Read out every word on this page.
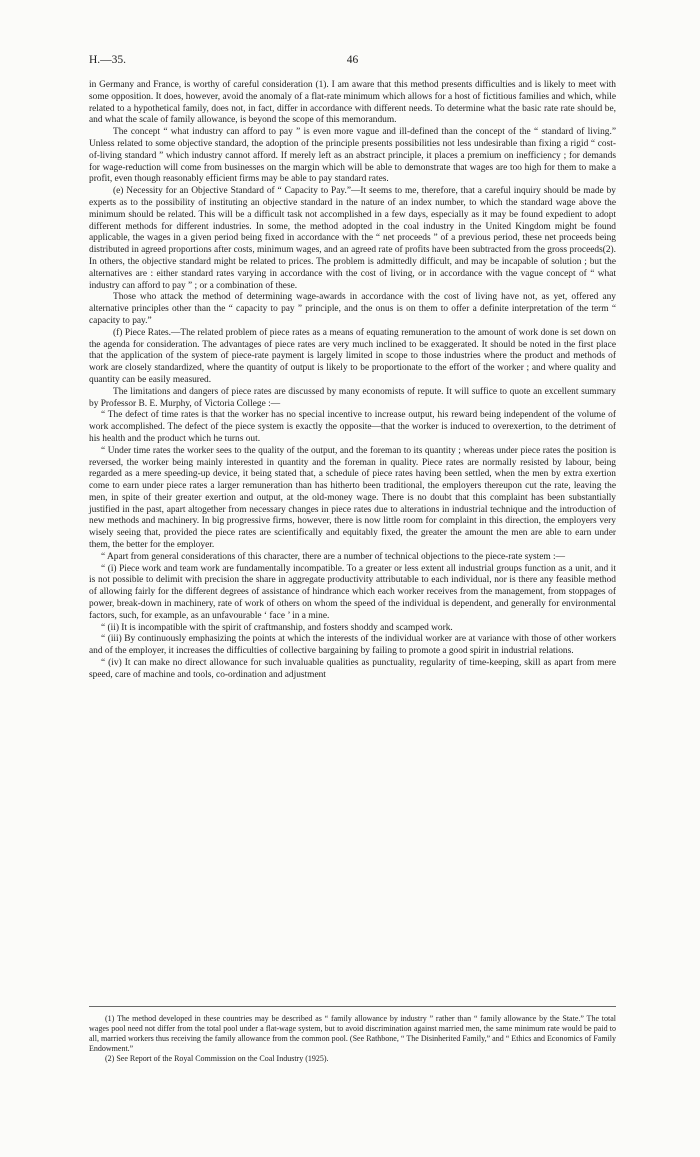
H.—35.	46

in Germany and France, is worthy of careful consideration (1). I am aware that this method presents difficulties and is likely to meet with some opposition. It does, however, avoid the anomaly of a flat-rate minimum which allows for a host of fictitious families and which, while related to a hypothetical family, does not, in fact, differ in accordance with different needs. To determine what the basic rate rate should be, and what the scale of family allowance, is beyond the scope of this memorandum.

The concept “ what industry can afford to pay ” is even more vague and ill-defined than the concept of the “ standard of living.” Unless related to some objective standard, the adoption of the principle presents possibilities not less undesirable than fixing a rigid “ cost-of-living standard ” which industry cannot afford. If merely left as an abstract principle, it places a premium on inefficiency ; for demands for wage-reduction will come from businesses on the margin which will be able to demonstrate that wages are too high for them to make a profit, even though reasonably efficient firms may be able to pay standard rates.

(e) Necessity for an Objective Standard of “ Capacity to Pay.”—It seems to me, therefore, that a careful inquiry should be made by experts as to the possibility of instituting an objective standard in the nature of an index number, to which the standard wage above the minimum should be related. This will be a difficult task not accomplished in a few days, especially as it may be found expedient to adopt different methods for different industries. In some, the method adopted in the coal industry in the United Kingdom might be found applicable, the wages in a given period being fixed in accordance with the “ net proceeds ” of a previous period, these net proceeds being distributed in agreed proportions after costs, minimum wages, and an agreed rate of profits have been subtracted from the gross proceeds(2). In others, the objective standard might be related to prices. The problem is admittedly difficult, and may be incapable of solution ; but the alternatives are : either standard rates varying in accordance with the cost of living, or in accordance with the vague concept of “ what industry can afford to pay ” ; or a combination of these.

Those who attack the method of determining wage-awards in accordance with the cost of living have not, as yet, offered any alternative principles other than the “ capacity to pay ” principle, and the onus is on them to offer a definite interpretation of the term “ capacity to pay.”

(f) Piece Rates.—The related problem of piece rates as a means of equating remuneration to the amount of work done is set down on the agenda for consideration. The advantages of piece rates are very much inclined to be exaggerated. It should be noted in the first place that the application of the system of piece-rate payment is largely limited in scope to those industries where the product and methods of work are closely standardized, where the quantity of output is likely to be proportionate to the effort of the worker ; and where quality and quantity can be easily measured.

The limitations and dangers of piece rates are discussed by many economists of repute. It will suffice to quote an excellent summary by Professor B. E. Murphy, of Victoria College :—

“ The defect of time rates is that the worker has no special incentive to increase output, his reward being independent of the volume of work accomplished. The defect of the piece system is exactly the opposite—that the worker is induced to overexertion, to the detriment of his health and the product which he turns out.

“ Under time rates the worker sees to the quality of the output, and the foreman to its quantity ; whereas under piece rates the position is reversed, the worker being mainly interested in quantity and the foreman in quality. Piece rates are normally resisted by labour, being regarded as a mere speeding-up device, it being stated that, a schedule of piece rates having been settled, when the men by extra exertion come to earn under piece rates a larger remuneration than has hitherto been traditional, the employers thereupon cut the rate, leaving the men, in spite of their greater exertion and output, at the old-money wage. There is no doubt that this complaint has been substantially justified in the past, apart altogether from necessary changes in piece rates due to alterations in industrial technique and the introduction of new methods and machinery. In big progressive firms, however, there is now little room for complaint in this direction, the employers very wisely seeing that, provided the piece rates are scientifically and equitably fixed, the greater the amount the men are able to earn under them, the better for the employer.

“ Apart from general considerations of this character, there are a number of technical objections to the piece-rate system :—

“ (i) Piece work and team work are fundamentally incompatible. To a greater or less extent all industrial groups function as a unit, and it is not possible to delimit with precision the share in aggregate productivity attributable to each individual, nor is there any feasible method of allowing fairly for the different degrees of assistance of hindrance which each worker receives from the management, from stoppages of power, break-down in machinery, rate of work of others on whom the speed of the individual is dependent, and generally for environmental factors, such, for example, as an unfavourable ‘ face ’ in a mine.

“ (ii) It is incompatible with the spirit of craftmanship, and fosters shoddy and scamped work.

“ (iii) By continuously emphasizing the points at which the interests of the individual worker are at variance with those of other workers and of the employer, it increases the difficulties of collective bargaining by failing to promote a good spirit in industrial relations.

“ (iv) It can make no direct allowance for such invaluable qualities as punctuality, regularity of time-keeping, skill as apart from mere speed, care of machine and tools, co-ordination and adjustment

(1) The method developed in these countries may be described as “ family allowance by industry ” rather than “ family allowance by the State.” The total wages pool need not differ from the total pool under a flat-wage system, but to avoid discrimination against married men, the same minimum rate would be paid to all, married workers thus receiving the family allowance from the common pool. (See Rathbone, “ The Disinherited Family,” and “ Ethics and Economics of Family Endowment.”

(2) See Report of the Royal Commission on the Coal Industry (1925).
